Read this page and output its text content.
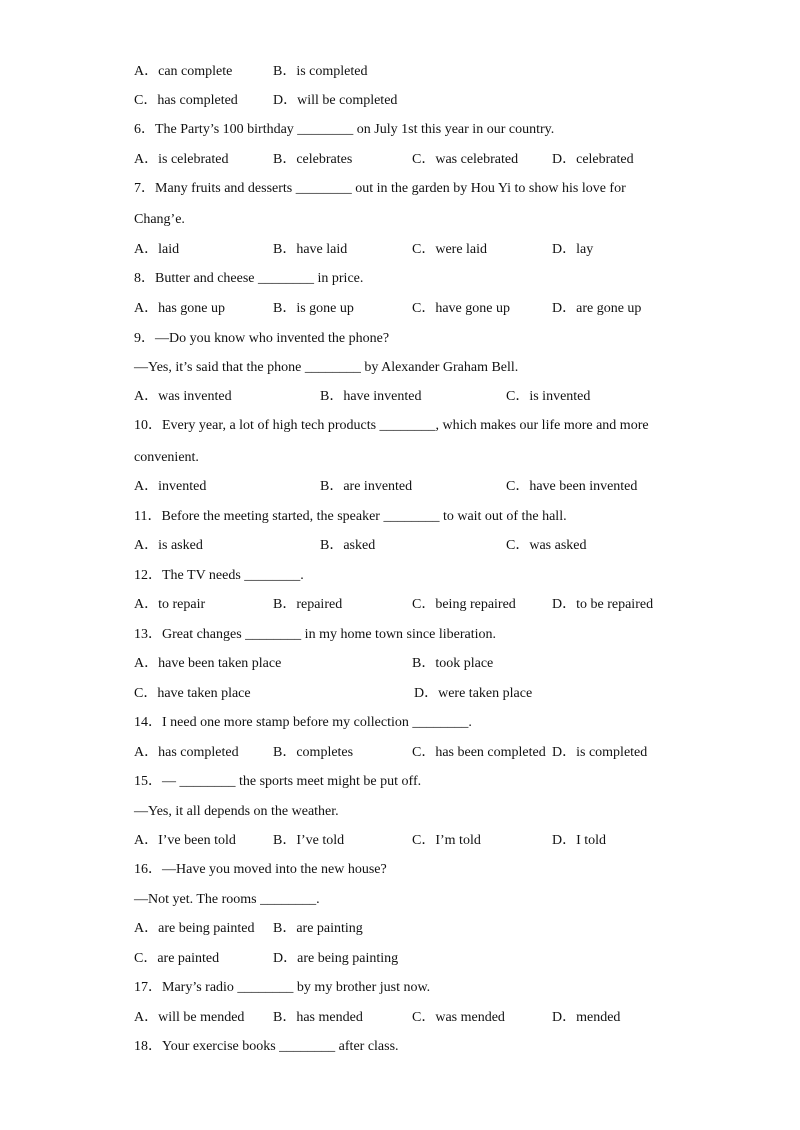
A．can complete	B．is completed
C．has completed	D．will be completed
6．The Party’s 100 birthday ________ on July 1st this year in our country.
A．is celebrated	B．celebrates	C．was celebrated D．celebrated
7．Many fruits and desserts ________ out in the garden by Hou Yi to show his love for
Chang’e.
A．laid	B．have laid	C．were laid	D．lay
8．Butter and cheese ________ in price.
A．has gone up	B．is gone up	C．have gone up	D．are gone up
9．—Do you know who invented the phone?
—Yes, it’s said that the phone ________ by Alexander Graham Bell.
A．was invented	B．have invented	C．is invented
10．Every year, a lot of high tech products ________, which makes our life more and more
convenient.
A．invented	B．are invented	C．have been invented
11．Before the meeting started, the speaker ________ to wait out of the hall.
A．is asked	B．asked	C．was asked
12．The TV needs ________.
A．to repair	B．repaired	C．being repaired	D．to be repaired
13．Great changes ________ in my home town since liberation.
A．have been taken place	B．took place
C．have taken place	D．were taken place
14．I need one more stamp before my collection ________.
A．has completed B．completes	C．has been completed D．is completed
15．— ________ the sports meet might be put off.
—Yes, it all depends on the weather.
A．I’ve been told	B．I’ve told	C．I’m told	D．I told
16．—Have you moved into the new house?
—Not yet. The rooms ________.
A．are being painted B．are painting
C．are painted	D．are being painting
17．Mary’s radio ________ by my brother just now.
A．will be mended B．has mended	C．was mended	D．mended
18．Your exercise books ________ after class.
